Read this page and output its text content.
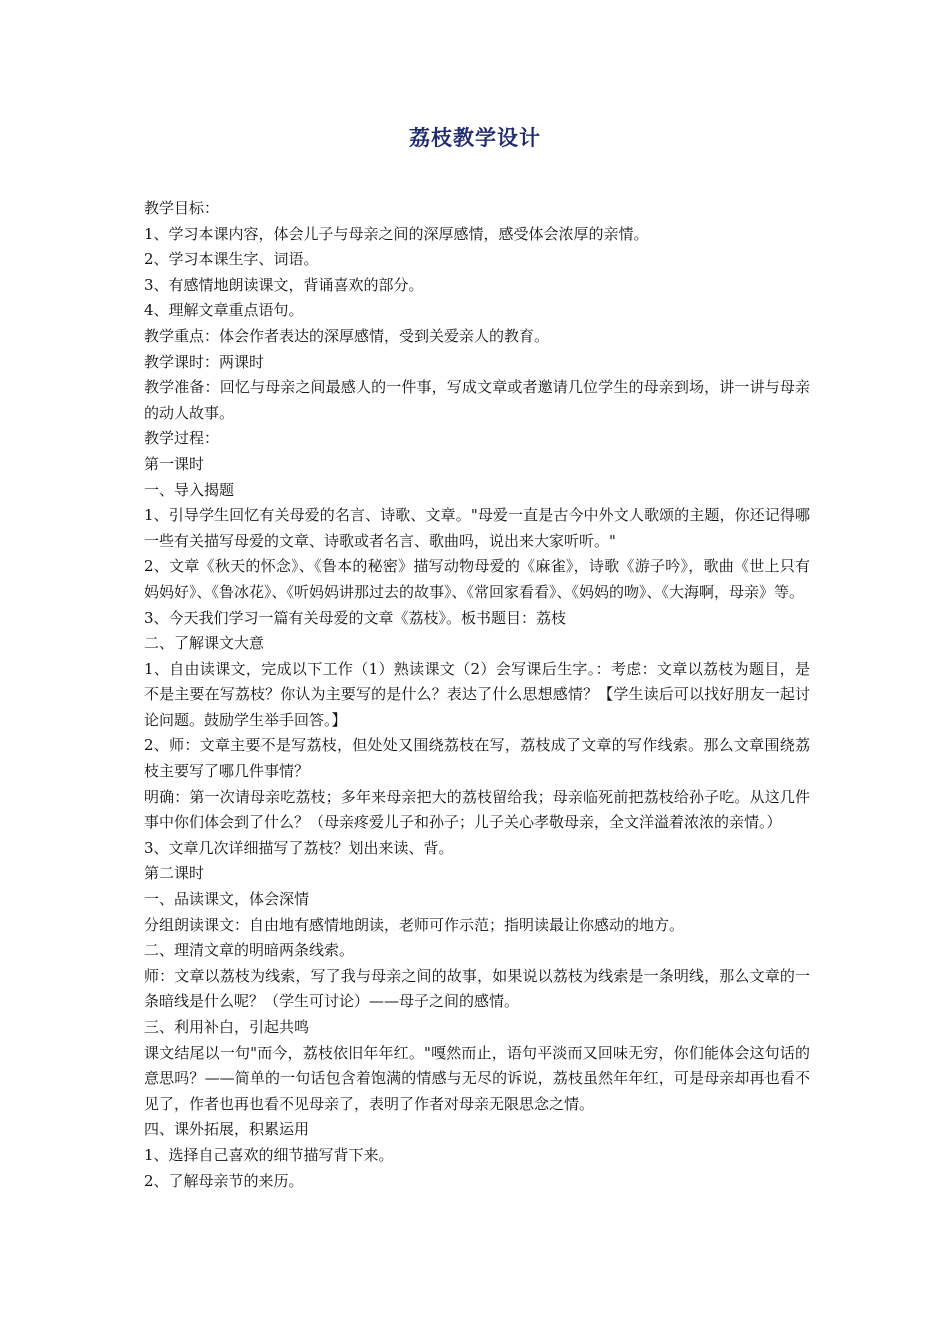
荔枝教学设计

教学目标：

1、学习本课内容，体会儿子与母亲之间的深厚感情，感受体会浓厚的亲情。

2、学习本课生字、词语。

3、有感情地朗读课文，背诵喜欢的部分。

4、理解文章重点语句。

教学重点：体会作者表达的深厚感情，受到关爱亲人的教育。

教学课时：两课时

教学准备：回忆与母亲之间最感人的一件事，写成文章或者邀请几位学生的母亲到场，讲一讲与母亲的动人故事。

教学过程：

第一课时

一、导入揭题

1、引导学生回忆有关母爱的名言、诗歌、文章。"母爱一直是古今中外文人歌颂的主题，你还记得哪一些有关描写母爱的文章、诗歌或者名言、歌曲吗，说出来大家听听。"

2、文章《秋天的怀念》、《鲁本的秘密》描写动物母爱的《麻雀》，诗歌《游子吟》，歌曲《世上只有妈妈好》、《鲁冰花》、《听妈妈讲那过去的故事》、《常回家看看》、《妈妈的吻》、《大海啊，母亲》等。

3、今天我们学习一篇有关母爱的文章《荔枝》。板书题目：荔枝

二、了解课文大意

1、自由读课文，完成以下工作（1）熟读课文（2）会写课后生字。：考虑：文章以荔枝为题目，是不是主要在写荔枝？你认为主要写的是什么？表达了什么思想感情？【学生读后可以找好朋友一起讨论问题。鼓励学生举手回答。】

2、师：文章主要不是写荔枝，但处处又围绕荔枝在写，荔枝成了文章的写作线索。那么文章围绕荔枝主要写了哪几件事情？

明确：第一次请母亲吃荔枝；多年来母亲把大的荔枝留给我；母亲临死前把荔枝给孙子吃。从这几件事中你们体会到了什么？（母亲疼爱儿子和孙子；儿子关心孝敬母亲，全文洋溢着浓浓的亲情。）

3、文章几次详细描写了荔枝？划出来读、背。

第二课时

一、品读课文，体会深情

分组朗读课文：自由地有感情地朗读，老师可作示范；指明读最让你感动的地方。

二、理清文章的明暗两条线索。

师：文章以荔枝为线索，写了我与母亲之间的故事，如果说以荔枝为线索是一条明线，那么文章的一条暗线是什么呢？（学生可讨论）——母子之间的感情。

三、利用补白，引起共鸣

课文结尾以一句"而今，荔枝依旧年年红。"嘎然而止，语句平淡而又回味无穷，你们能体会这句话的意思吗？——简单的一句话包含着饱满的情感与无尽的诉说，荔枝虽然年年红，可是母亲却再也看不见了，作者也再也看不见母亲了，表明了作者对母亲无限思念之情。

四、课外拓展，积累运用

1、选择自己喜欢的细节描写背下来。

2、了解母亲节的来历。
